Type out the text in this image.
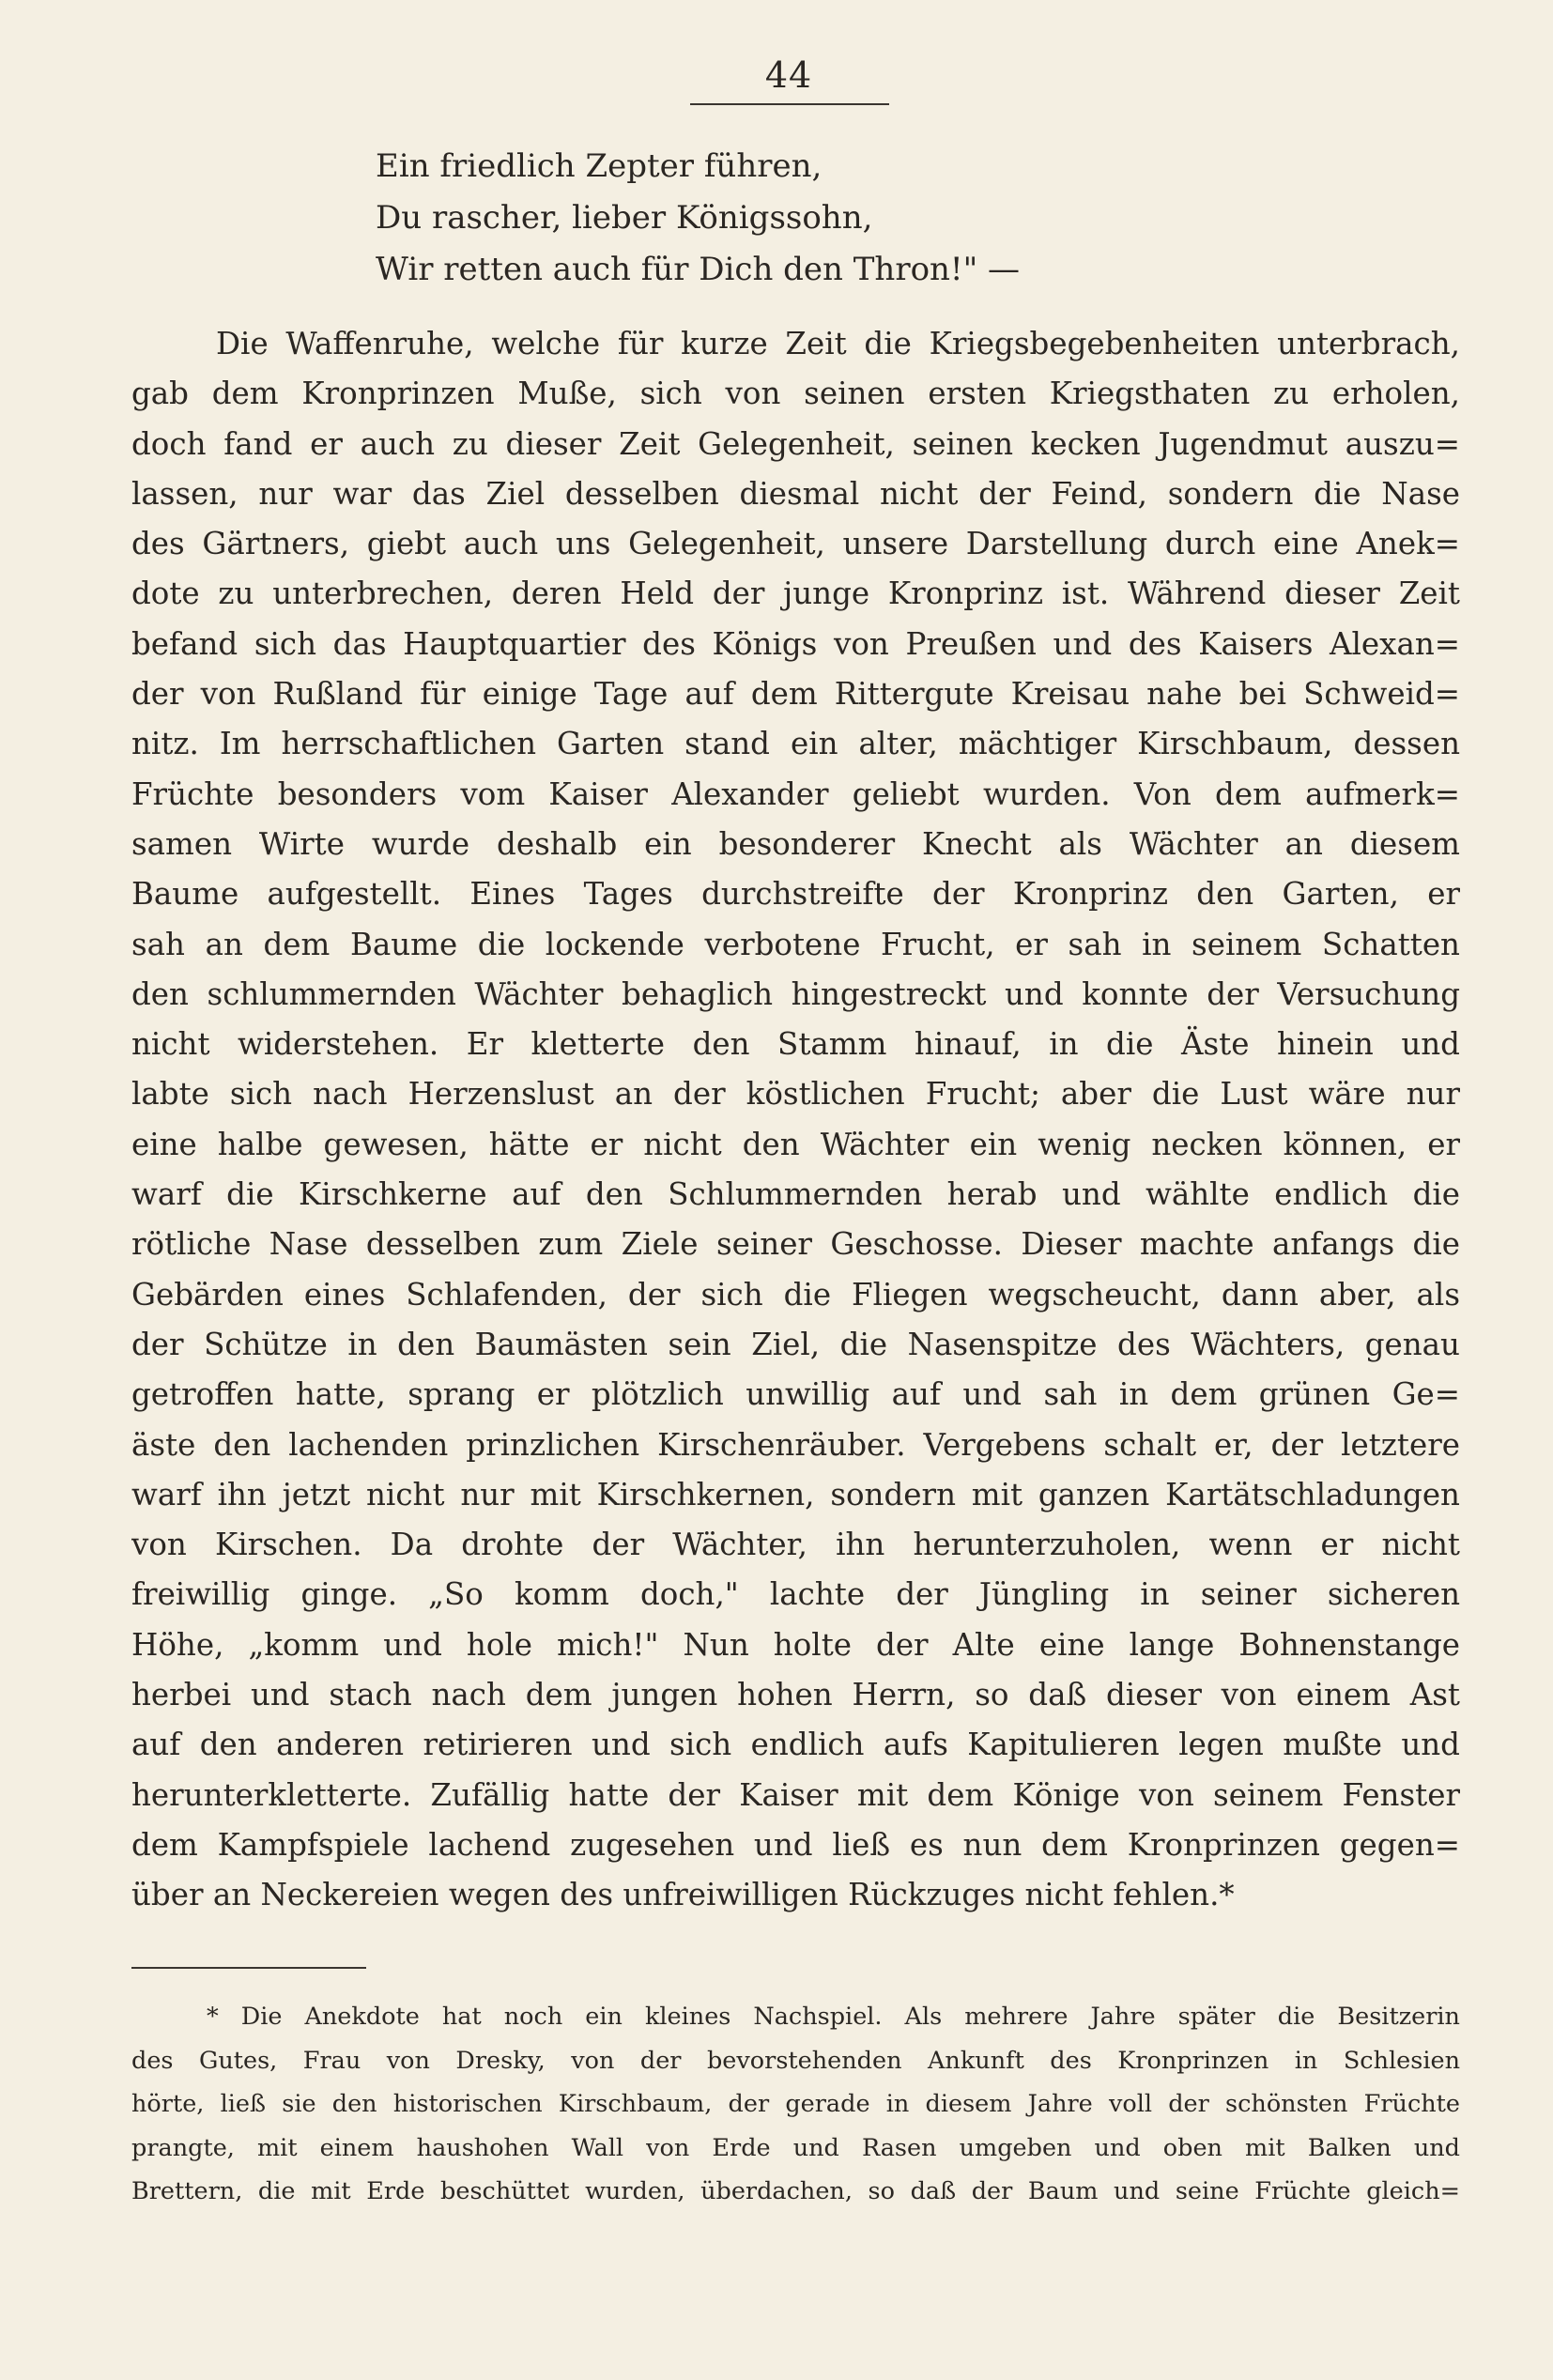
44
Ein friedlich Zepter führen,
Du rascher, lieber Königssohn,
Wir retten auch für Dich den Thron!" —
Die Waffenruhe, welche für kurze Zeit die Kriegsbegebenheiten unterbrach,
gab dem Kronprinzen Muße, sich von seinen ersten Kriegsthaten zu erholen,
doch fand er auch zu dieser Zeit Gelegenheit, seinen kecken Jugendmut auszu=
lassen, nur war das Ziel desselben diesmal nicht der Feind, sondern die Nase
des Gärtners, giebt auch uns Gelegenheit, unsere Darstellung durch eine Anek=
dote zu unterbrechen, deren Held der junge Kronprinz ist. Während dieser Zeit
befand sich das Hauptquartier des Königs von Preußen und des Kaisers Alexan=
der von Rußland für einige Tage auf dem Rittergute Kreisau nahe bei Schweid=
nitz. Im herrschaftlichen Garten stand ein alter, mächtiger Kirschbaum, dessen
Früchte besonders vom Kaiser Alexander geliebt wurden. Von dem aufmerk=
samen Wirte wurde deshalb ein besonderer Knecht als Wächter an diesem
Baume aufgestellt. Eines Tages durchstreifte der Kronprinz den Garten, er
sah an dem Baume die lockende verbotene Frucht, er sah in seinem Schatten
den schlummernden Wächter behaglich hingestreckt und konnte der Versuchung
nicht widerstehen. Er kletterte den Stamm hinauf, in die Äste hinein und
labte sich nach Herzenslust an der köstlichen Frucht; aber die Lust wäre nur
eine halbe gewesen, hätte er nicht den Wächter ein wenig necken können, er
warf die Kirschkerne auf den Schlummernden herab und wählte endlich die
rötliche Nase desselben zum Ziele seiner Geschosse. Dieser machte anfangs die
Gebärden eines Schlafenden, der sich die Fliegen wegscheucht, dann aber, als
der Schütze in den Baumästen sein Ziel, die Nasenspitze des Wächters, genau
getroffen hatte, sprang er plötzlich unwillig auf und sah in dem grünen Ge=
äste den lachenden prinzlichen Kirschenräuber. Vergebens schalt er, der letztere
warf ihn jetzt nicht nur mit Kirschkernen, sondern mit ganzen Kartätschladungen
von Kirschen. Da drohte der Wächter, ihn herunterzuholen, wenn er nicht
freiwillig ginge. „So komm doch," lachte der Jüngling in seiner sicheren
Höhe, „komm und hole mich!" Nun holte der Alte eine lange Bohnenstange
herbei und stach nach dem jungen hohen Herrn, so daß dieser von einem Ast
auf den anderen retirieren und sich endlich aufs Kapitulieren legen mußte und
herunterkletterte. Zufällig hatte der Kaiser mit dem Könige von seinem Fenster
dem Kampfspiele lachend zugesehen und ließ es nun dem Kronprinzen gegen=
über an Neckereien wegen des unfreiwilligen Rückzuges nicht fehlen.*
* Die Anekdote hat noch ein kleines Nachspiel. Als mehrere Jahre später die Besitzerin
des Gutes, Frau von Dresky, von der bevorstehenden Ankunft des Kronprinzen in Schlesien
hörte, ließ sie den historischen Kirschbaum, der gerade in diesem Jahre voll der schönsten Früchte
prangte, mit einem haushohen Wall von Erde und Rasen umgeben und oben mit Balken und
Brettern, die mit Erde beschüttet wurden, überdachen, so daß der Baum und seine Früchte gleich=
